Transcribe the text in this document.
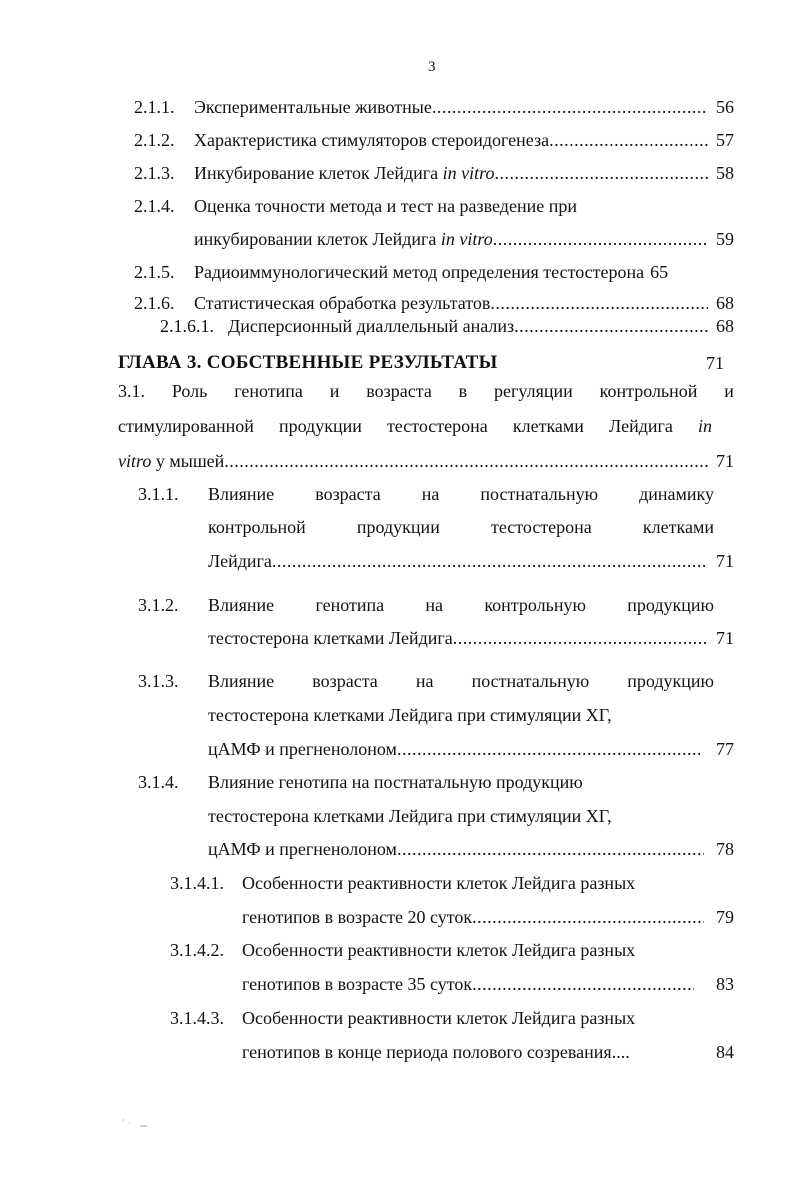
3
2.1.1. Экспериментальные животные .....	56
2.1.2. Характеристика стимуляторов стероидогенеза .....	57
2.1.3. Инкубирование клеток Лейдига in vitro .....	58
2.1.4. Оценка точности метода и тест на разведение при
инкубировании клеток Лейдига in vitro .....	59
2.1.5. Радиоиммунологический метод определения тестостерона 65
2.1.6. Статистическая обработка результатов .....	68
2.1.6.1. Дисперсионный диаллельный анализ .....	68
ГЛАВА 3. СОБСТВЕННЫЕ РЕЗУЛЬТАТЫ	71
3.1. Роль генотипа и возраста в регуляции контрольной и
стимулированной продукции тестостерона клетками Лейдига in
vitro у мышей .....	71
3.1.1. Влияние возраста на постнатальную динамику
контрольной	продукции	тестостерона	клетками
Лейдига .....	71
3.1.2. Влияние генотипа на контрольную продукцию
тестостерона клетками Лейдига .....	71
3.1.3. Влияние возраста на постнатальную продукцию
тестостерона клетками Лейдига при стимуляции ХГ,
цАМФ и прегненолоном .....	77
3.1.4. Влияние генотипа на постнатальную продукцию
тестостерона клетками Лейдига при стимуляции ХГ,
цАМФ и прегненолоном .....	78
3.1.4.1. Особенности реактивности клеток Лейдига разных
генотипов в возрасте 20 суток .....	79
3.1.4.2. Особенности реактивности клеток Лейдига разных
генотипов в возрасте 35 суток .....	83
3.1.4.3. Особенности реактивности клеток Лейдига разных
генотипов в конце периода полового созревания....	84
